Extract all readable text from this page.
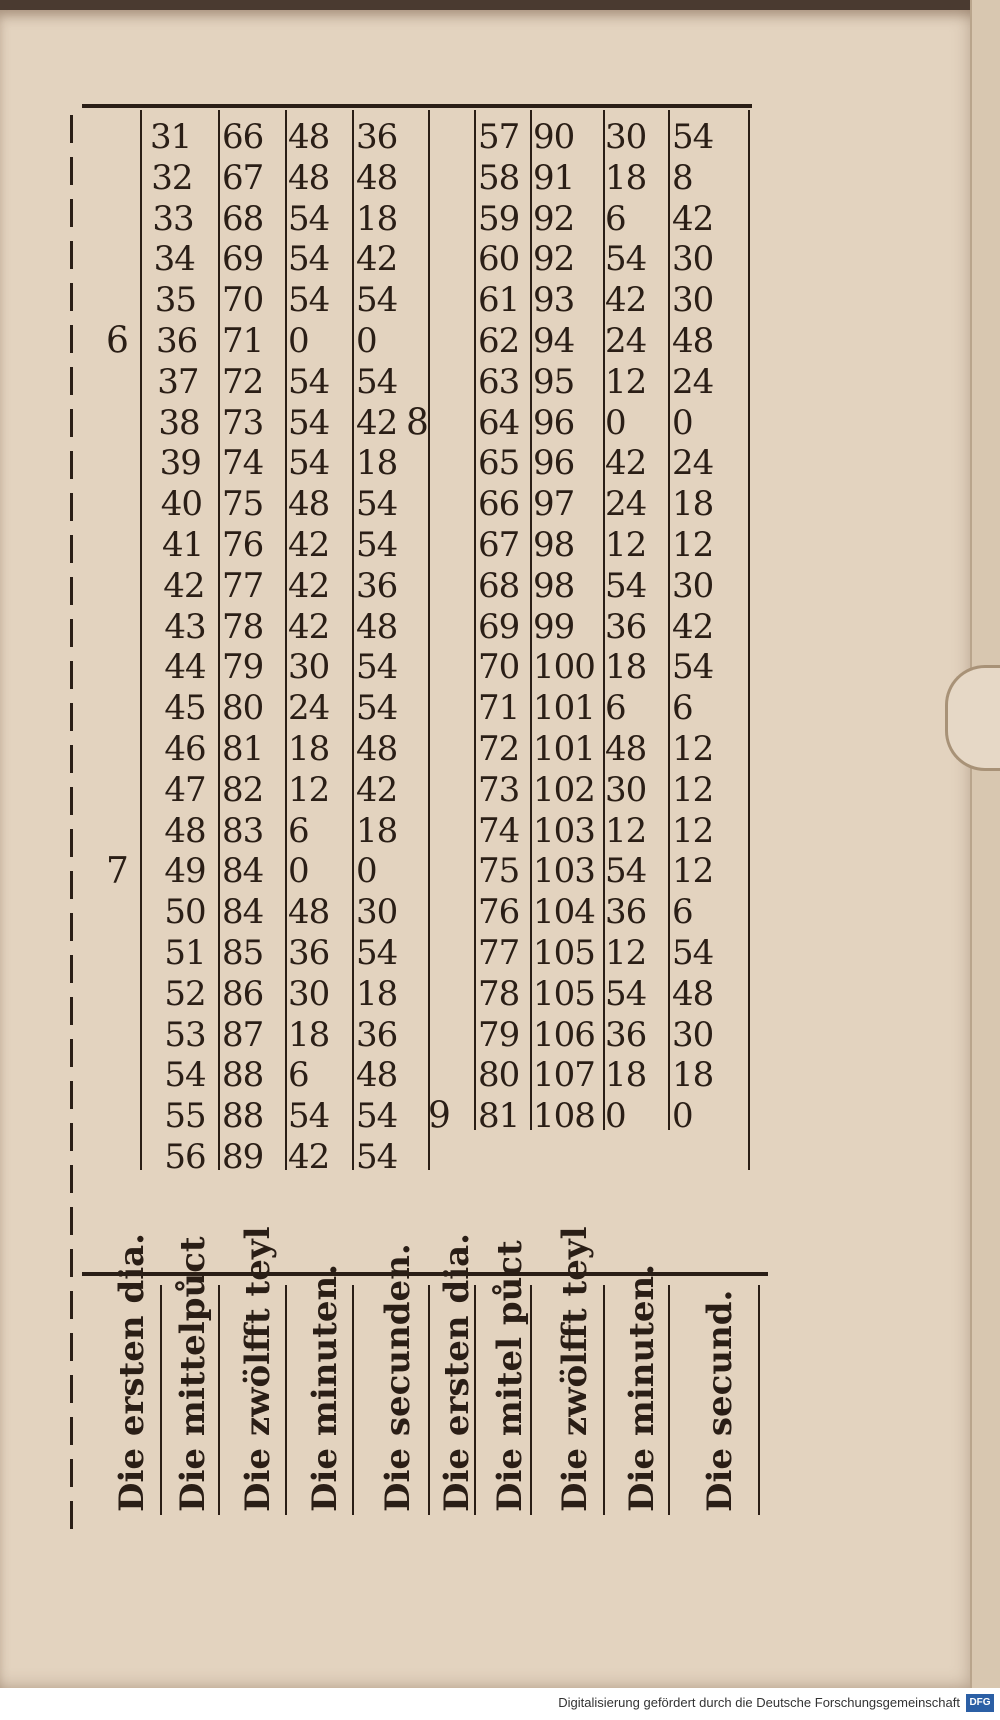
31 66 48 36
32 67 48 48
33 68 54 18
34 69 54 42
35 70 54 54
36 71 0 0
37 72 54 54
38 73 54 42
39 74 54 18
40 75 48 54
41 76 42 54
42 77 42 36
43 78 42 48
44 79 30 54
45 80 24 54
46 81 18 48
47 82 12 42
48 83 6 18
49 84 0 0
50 84 48 30
51 85 36 54
52 86 30 18
53 87 18 36
54 88 6 48
55 88 54 54
56 89 42 54
57 90 30 54
58 91 18 8
59 92 6 42
60 92 54 30
61 93 42 30
62 94 24 48
63 95 12 24
64 96 0 0
65 96 42 24
66 97 24 18
67 98 12 12
68 98 54 30
69 99 36 42
70 100 18 54
71 101 6 6
72 101 48 12
73 102 30 12
74 103 12 12
75 103 54 12
76 104 36 6
77 105 12 54
78 105 54 48
79 106 36 30
80 107 18 18
81 108 0 0
6
7
8
9
Die ersten dia. Die mittelpůct Die zwölfft teyl Die minuten. Die secunden. Die ersten dia. Die mitel půct Die zwölfft teyl Die minuten. Die secund.
Digitalisierung gefördert durch die Deutsche Forschungsgemeinschaft DFG
